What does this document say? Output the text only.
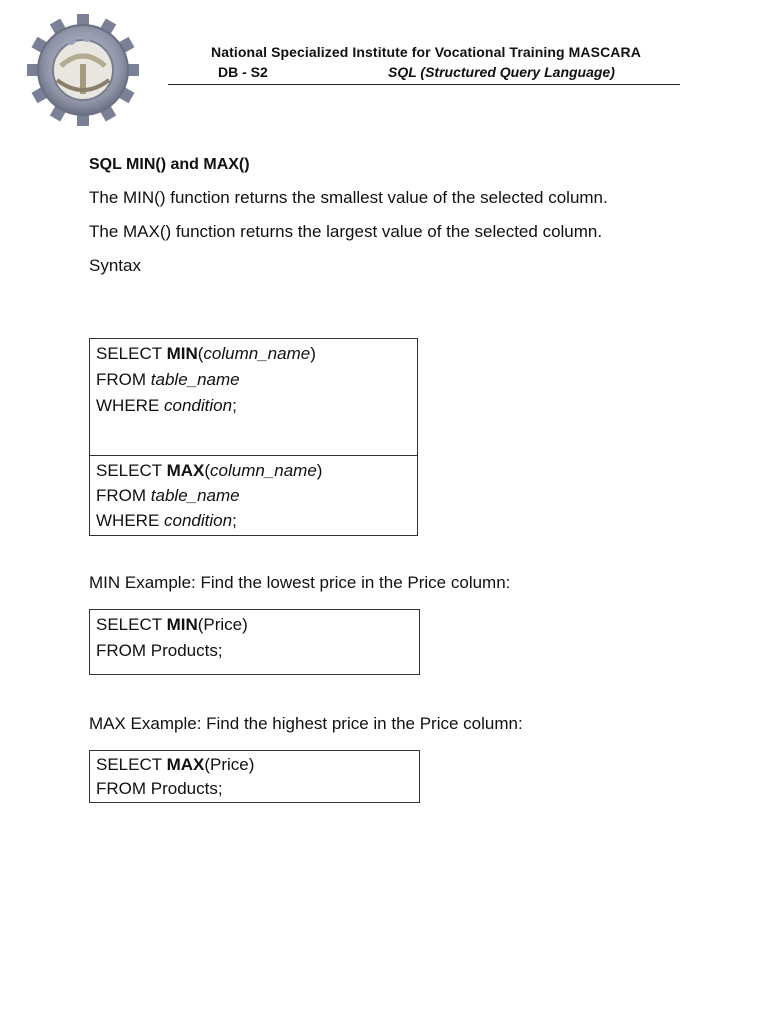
National Specialized Institute for Vocational Training MASCARA
DB - S2	SQL (Structured Query Language)
SQL MIN() and MAX()
The MIN() function returns the smallest value of the selected column.
The MAX() function returns the largest value of the selected column.
Syntax
SELECT MIN(column_name)
FROM table_name
WHERE condition;

SELECT MAX(column_name)
FROM table_name
WHERE condition;
MIN Example: Find the lowest price in the Price column:
SELECT MIN(Price)
FROM Products;
MAX Example: Find the highest price in the Price column:
SELECT MAX(Price)
FROM Products;
